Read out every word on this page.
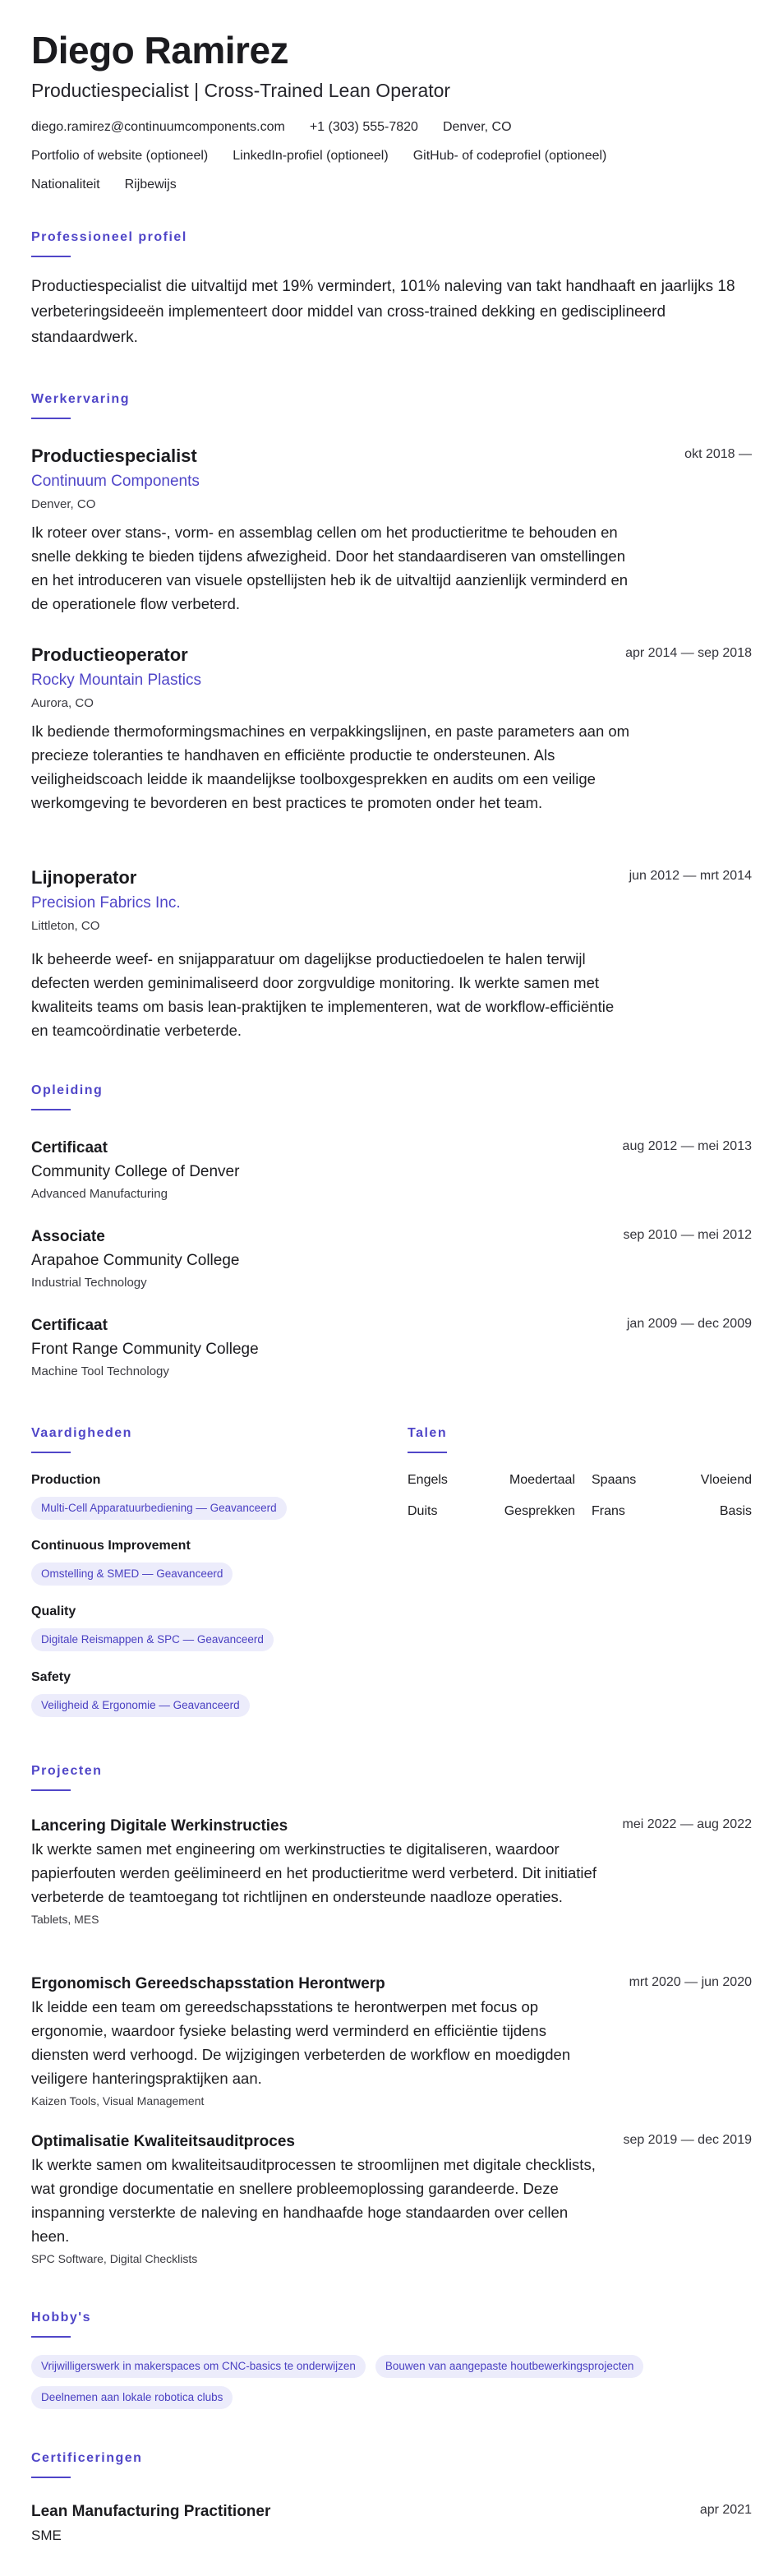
Diego Ramirez
Productiespecialist | Cross-Trained Lean Operator
diego.ramirez@continuumcomponents.com +1 (303) 555-7820 Denver, CO
Portfolio of website (optioneel) LinkedIn-profiel (optioneel) GitHub- of codeprofiel (optioneel)
Nationaliteit Rijbewijs
Professioneel profiel
Productiespecialist die uitvaltijd met 19% vermindert, 101% naleving van takt handhaaft en jaarlijks 18 verbeteringsideeën implementeert door middel van cross-trained dekking en gedisciplineerd standaardwerk.
Werkervaring
Productiespecialist	okt 2018 —
Continuum Components
Denver, CO
Ik roteer over stans-, vorm- en assemblag cellen om het productieritme te behouden en snelle dekking te bieden tijdens afwezigheid. Door het standaardiseren van omstellingen en het introduceren van visuele opstellijsten heb ik de uitvaltijd aanzienlijk verminderd en de operationele flow verbeterd.
Productieoperator	apr 2014 — sep 2018
Rocky Mountain Plastics
Aurora, CO
Ik bediende thermoformingsmachines en verpakkingslijnen, en paste parameters aan om precieze toleranties te handhaven en efficiënte productie te ondersteunen. Als veiligheidscoach leidde ik maandelijkse toolboxgesprekken en audits om een veilige werkomgeving te bevorderen en best practices te promoten onder het team.
Lijnoperator	jun 2012 — mrt 2014
Precision Fabrics Inc.
Littleton, CO
Ik beheerde weef- en snijapparatuur om dagelijkse productiedoelen te halen terwijl defecten werden geminimaliseerd door zorgvuldige monitoring. Ik werkte samen met kwaliteits teams om basis lean-praktijken te implementeren, wat de workflow-efficiëntie en teamcoördinatie verbeterde.
Opleiding
Certificaat	aug 2012 — mei 2013
Community College of Denver
Advanced Manufacturing
Associate	sep 2010 — mei 2012
Arapahoe Community College
Industrial Technology
Certificaat	jan 2009 — dec 2009
Front Range Community College
Machine Tool Technology
Vaardigheden
Production
Multi-Cell Apparatuurbediening — Geavanceerd
Continuous Improvement
Omstelling & SMED — Geavanceerd
Quality
Digitale Reismappen & SPC — Geavanceerd
Safety
Veiligheid & Ergonomie — Geavanceerd
Talen
Engels	Moedertaal Spaans	Vloeiend
Duits	Gesprekken Frans	Basis
Projecten
Lancering Digitale Werkinstructies	mei 2022 — aug 2022
Ik werkte samen met engineering om werkinstructies te digitaliseren, waardoor papierfouten werden geëlimineerd en het productieritme werd verbeterd. Dit initiatief verbeterde de teamtoegang tot richtlijnen en ondersteunde naadloze operaties.
Tablets, MES
Ergonomisch Gereedschapsstation Herontwerp	mrt 2020 — jun 2020
Ik leidde een team om gereedschapsstations te herontwerpen met focus op ergonomie, waardoor fysieke belasting werd verminderd en efficiëntie tijdens diensten werd verhoogd. De wijzigingen verbeterden de workflow en moedigden veiligere hanteringspraktijken aan.
Kaizen Tools, Visual Management
Optimalisatie Kwaliteitsauditproces	sep 2019 — dec 2019
Ik werkte samen om kwaliteitsauditprocessen te stroomlijnen met digitale checklists, wat grondige documentatie en snellere probleemoplossing garandeerde. Deze inspanning versterkte de naleving en handhaafde hoge standaarden over cellen heen.
SPC Software, Digital Checklists
Hobby's
Vrijwilligerswerk in makerspaces om CNC-basics te onderwijzen	Bouwen van aangepaste houtbewerkingsprojecten
Deelnemen aan lokale robotica clubs
Certificeringen
Lean Manufacturing Practitioner	apr 2021
SME
